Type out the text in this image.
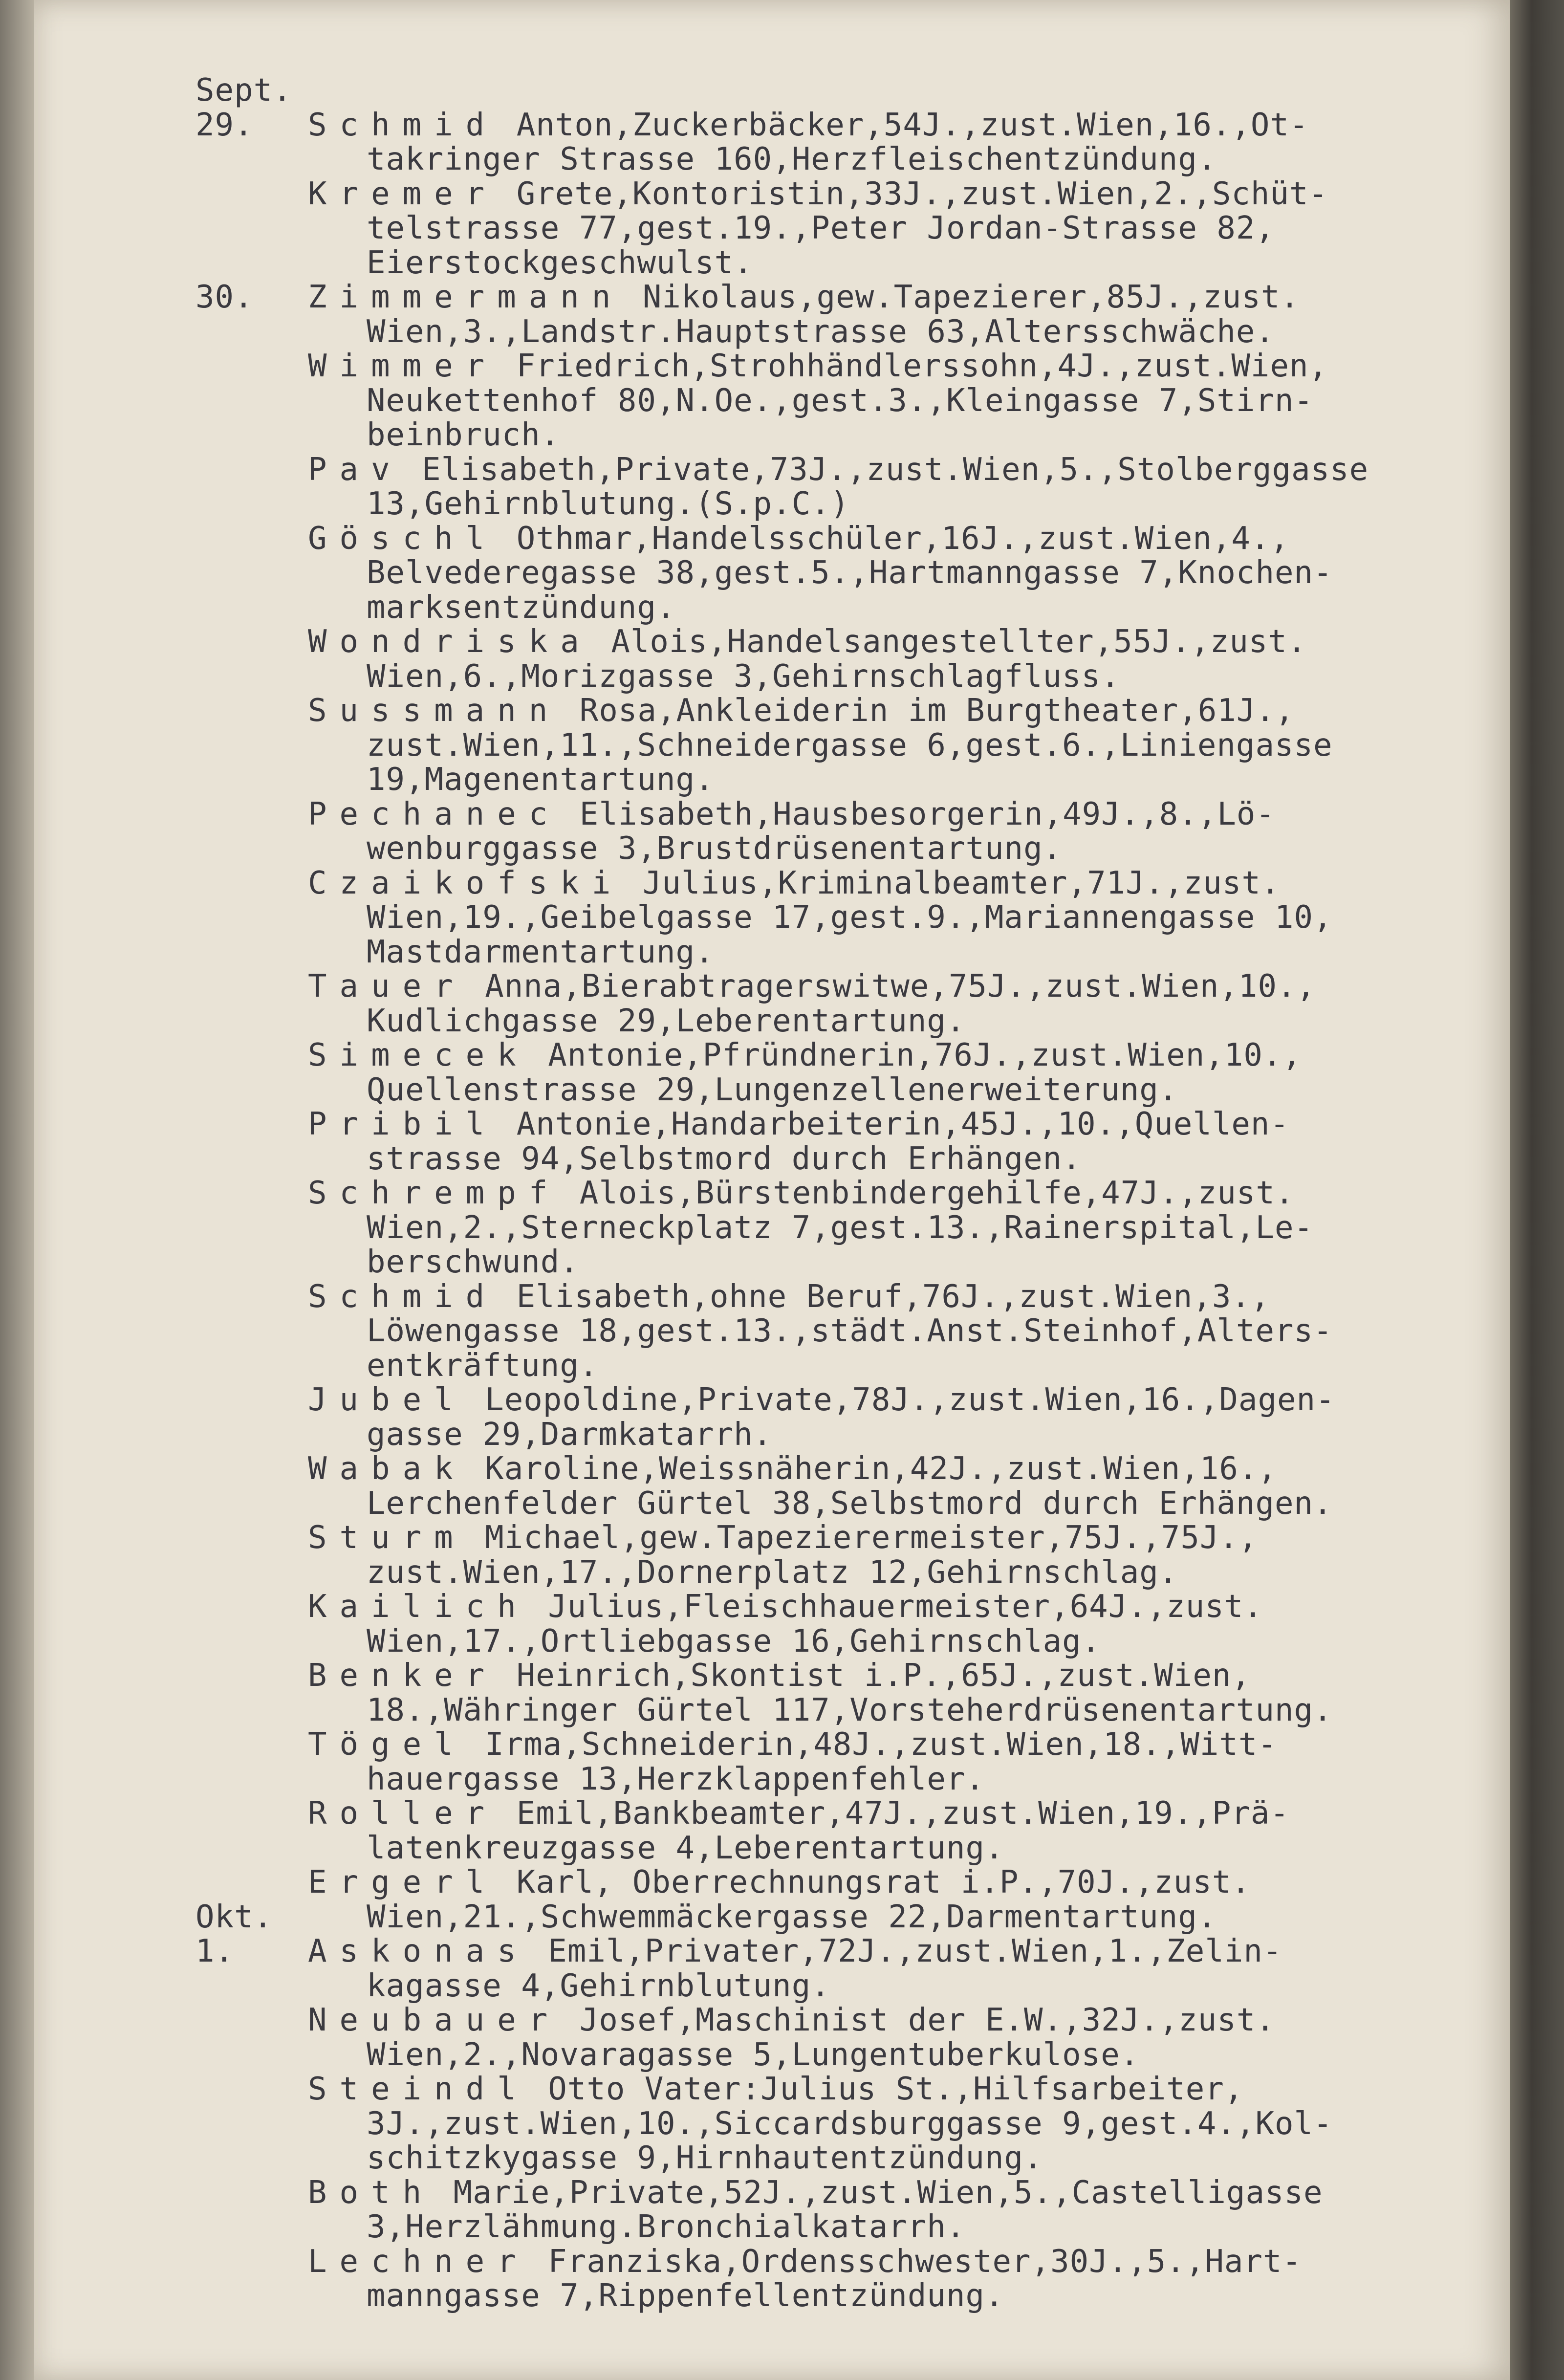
Sept.
29. Schmid Anton,Zuckerbäcker,54J.,zust.Wien,16.,Ot-
takringer Strasse 160,Herzfleischentzündung.
Kremer Grete,Kontoristin,33J.,zust.Wien,2.,Schüt-
telstrasse 77,gest.19.,Peter Jordan-Strasse 82,
Eierstockgeschwulst.
30. Zimmermann Nikolaus,gew.Tapezierer,85J.,zust.
Wien,3.,Landstr.Hauptstrasse 63,Altersschwäche.
Wimmer Friedrich,Strohhändlerssohn,4J.,zust.Wien,
Neukettenhof 80,N.Oe.,gest.3.,Kleingasse 7,Stirn-
beinbruch.
Pav Elisabeth,Private,73J.,zust.Wien,5.,Stolberggasse
13,Gehirnblutung.(S.p.C.)
Göschl Othmar,Handelsschüler,16J.,zust.Wien,4.,
Belvederegasse 38,gest.5.,Hartmanngasse 7,Knochen-
marksentzündung.
Wondriska Alois,Handelsangestellter,55J.,zust.
Wien,6.,Morizgasse 3,Gehirnschlagfluss.
Sussmann Rosa,Ankleiderin im Burgtheater,61J.,
zust.Wien,11.,Schneidergasse 6,gest.6.,Liniengasse
19,Magenentartung.
Pechanec Elisabeth,Hausbesorgerin,49J.,8.,Lö-
wenburggasse 3,Brustdrüsenentartung.
Czaikofski Julius,Kriminalbeamter,71J.,zust.
Wien,19.,Geibelgasse 17,gest.9.,Mariannengasse 10,
Mastdarmentartung.
Tauer Anna,Bierabtragerswitwe,75J.,zust.Wien,10.,
Kudlichgasse 29,Leberentartung.
Simecek Antonie,Pfründnerin,76J.,zust.Wien,10.,
Quellenstrasse 29,Lungenzellenerweiterung.
Pribil Antonie,Handarbeiterin,45J.,10.,Quellen-
strasse 94,Selbstmord durch Erhängen.
Schrempf Alois,Bürstenbindergehilfe,47J.,zust.
Wien,2.,Sterneckplatz 7,gest.13.,Rainerspital,Le-
berschwund.
Schmid Elisabeth,ohne Beruf,76J.,zust.Wien,3.,
Löwengasse 18,gest.13.,städt.Anst.Steinhof,Alters-
entkräftung.
Jubel Leopoldine,Private,78J.,zust.Wien,16.,Dagen-
gasse 29,Darmkatarrh.
Wabak Karoline,Weissnäherin,42J.,zust.Wien,16.,
Lerchenfelder Gürtel 38,Selbstmord durch Erhängen.
Sturm Michael,gew.Tapezierermeister,75J.,75J.,
zust.Wien,17.,Dornerplatz 12,Gehirnschlag.
Kailich Julius,Fleischhauermeister,64J.,zust.
Wien,17.,Ortliebgasse 16,Gehirnschlag.
Benker Heinrich,Skontist i.P.,65J.,zust.Wien,
18.,Währinger Gürtel 117,Vorsteherdrüsenentartung.
Tögel Irma,Schneiderin,48J.,zust.Wien,18.,Witt-
hauergasse 13,Herzklappenfehler.
Roller Emil,Bankbeamter,47J.,zust.Wien,19.,Prä-
latenkreuzgasse 4,Leberentartung.
Ergerl Karl, Oberrechnungsrat i.P.,70J.,zust.
Okt.	Wien,21.,Schwemmäckergasse 22,Darmentartung.
1. Askonas Emil,Privater,72J.,zust.Wien,1.,Zelin-
kagasse 4,Gehirnblutung.
Neubauer Josef,Maschinist der E.W.,32J.,zust.
Wien,2.,Novaragasse 5,Lungentuberkulose.
Steindl Otto Vater:Julius St.,Hilfsarbeiter,
3J.,zust.Wien,10.,Siccardsburggasse 9,gest.4.,Kol-
schitzkygasse 9,Hirnhautentzündung.
Both Marie,Private,52J.,zust.Wien,5.,Castelligasse
3,Herzlähmung.Bronchialkatarrh.
Lechner Franziska,Ordensschwester,30J.,5.,Hart-
manngasse 7,Rippenfellentzündung.
